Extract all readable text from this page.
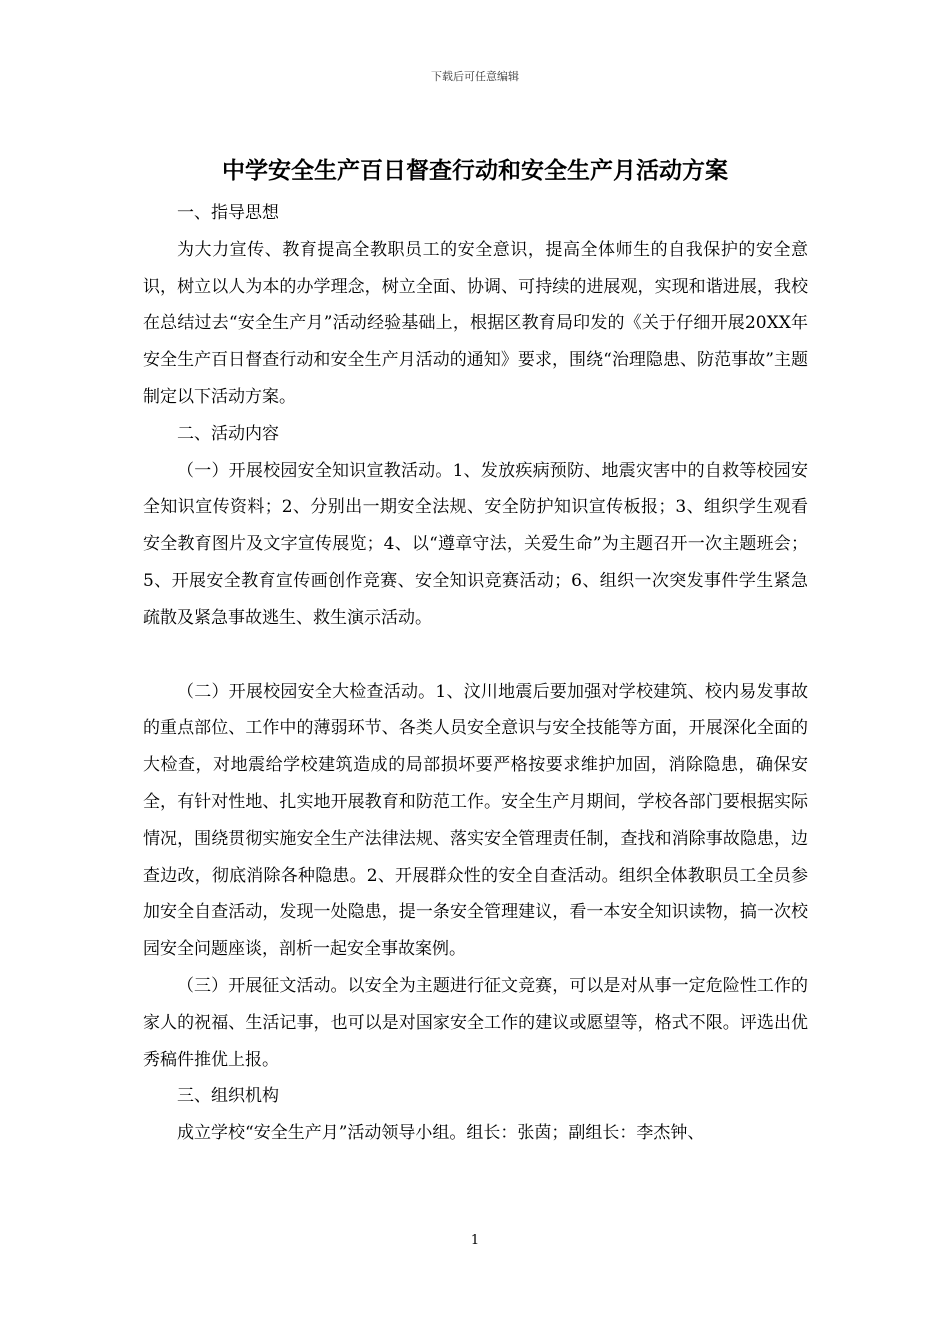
下载后可任意编辑
中学安全生产百日督查行动和安全生产月活动方案

一、指导思想

为大力宣传、教育提高全教职员工的安全意识，提高全体师生的自我保护的安全意识，树立以人为本的办学理念，树立全面、协调、可持续的进展观，实现和谐进展，我校在总结过去“安全生产月”活动经验基础上，根据区教育局印发的《关于仔细开展20XX年安全生产百日督查行动和安全生产月活动的通知》要求，围绕“治理隐患、防范事故”主题制定以下活动方案。

二、活动内容

（一）开展校园安全知识宣教活动。1、发放疾病预防、地震灾害中的自救等校园安全知识宣传资料；2、分别出一期安全法规、安全防护知识宣传板报；3、组织学生观看安全教育图片及文字宣传展览；4、以“遵章守法，关爱生命”为主题召开一次主题班会；5、开展安全教育宣传画创作竞赛、安全知识竞赛活动；6、组织一次突发事件学生紧急疏散及紧急事故逃生、救生演示活动。

（二）开展校园安全大检查活动。1、汶川地震后要加强对学校建筑、校内易发事故的重点部位、工作中的薄弱环节、各类人员安全意识与安全技能等方面，开展深化全面的大检查，对地震给学校建筑造成的局部损坏要严格按要求维护加固，消除隐患，确保安全，有针对性地、扎实地开展教育和防范工作。安全生产月期间，学校各部门要根据实际情况，围绕贯彻实施安全生产法律法规、落实安全管理责任制，查找和消除事故隐患，边查边改，彻底消除各种隐患。2、开展群众性的安全自查活动。组织全体教职员工全员参加安全自查活动，发现一处隐患，提一条安全管理建议，看一本安全知识读物，搞一次校园安全问题座谈，剖析一起安全事故案例。

（三）开展征文活动。以安全为主题进行征文竞赛，可以是对从事一定危险性工作的家人的祝福、生活记事，也可以是对国家安全工作的建议或愿望等，格式不限。评选出优秀稿件推优上报。

三、组织机构

成立学校“安全生产月”活动领导小组。组长：张茵；副组长：李杰钟、

1
